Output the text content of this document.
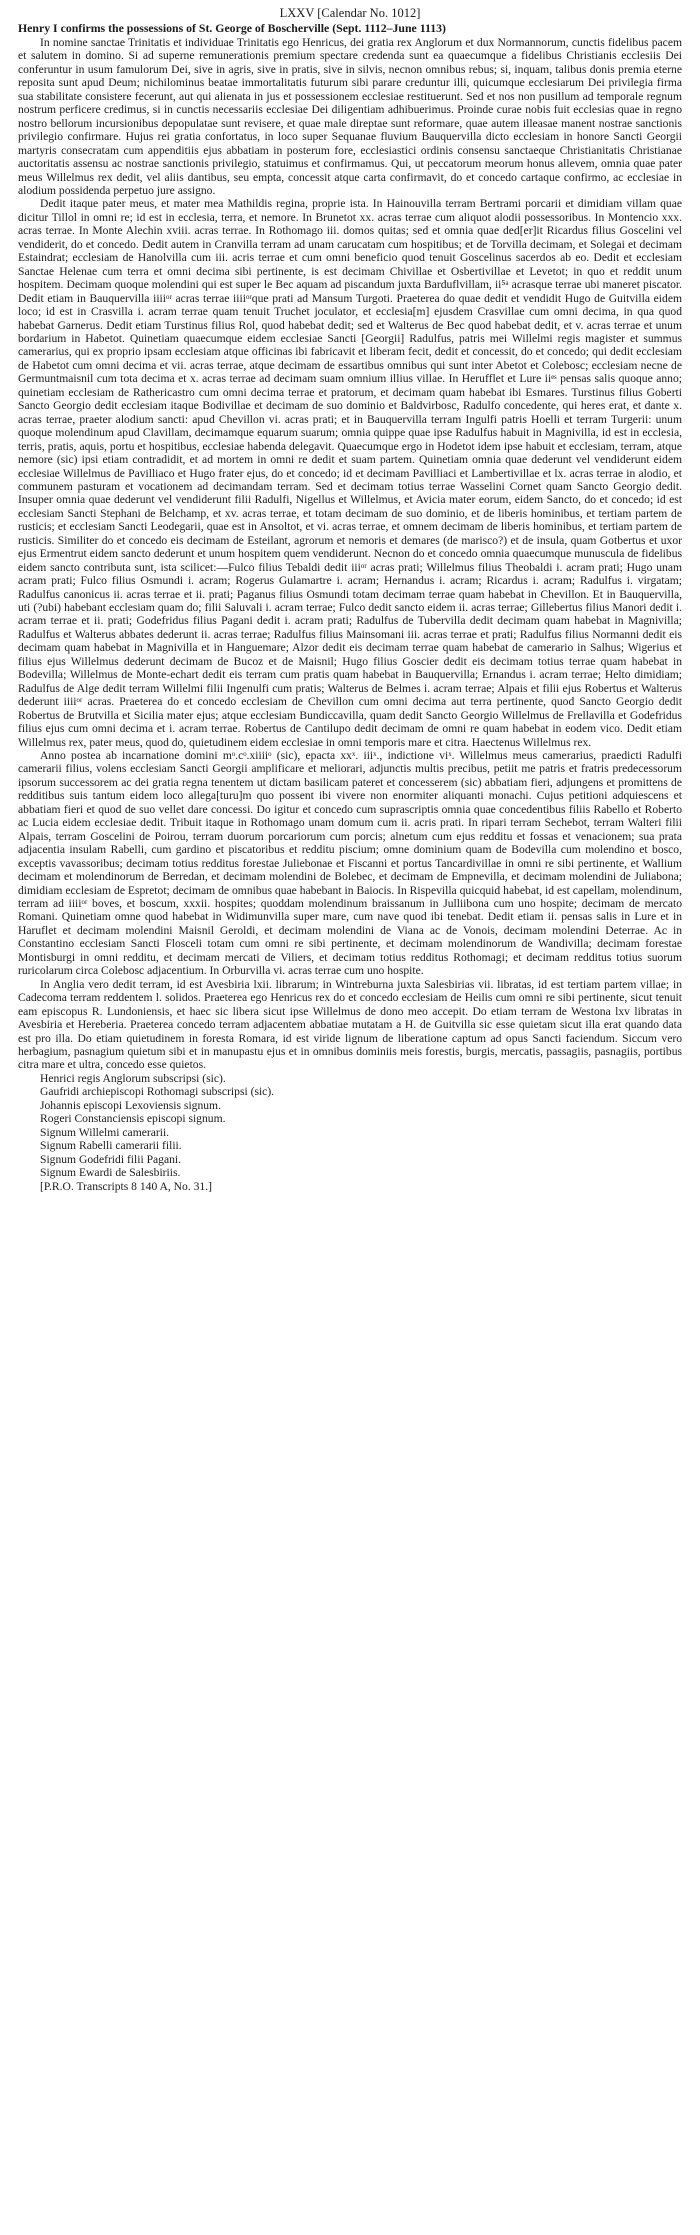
LXXV [Calendar No. 1012]
Henry I confirms the possessions of St. George of Boscherville (Sept. 1112–June 1113)

In nomine sanctae Trinitatis et individuae Trinitatis ego Henricus, dei gratia rex Anglorum et dux Normannorum, cunctis fidelibus pacem et salutem in domino. Si ad superne remunerationis premium spectare credenda sunt ea quaecumque a fidelibus Christianis ecclesiis Dei conferuntur in usum famulorum Dei, sive in agris, sive in pratis, sive in silvis, necnon omnibus rebus; si, inquam, talibus donis premia eterne reposita sunt apud Deum; nichilominus beatae immortalitatis futurum sibi parare creduntur illi, quicumque ecclesiarum Dei privilegia firma sua stabilitate consistere fecerunt, aut qui alienata in jus et possessionem ecclesiae restituerunt. Sed et nos non pusillum ad temporale regnum nostrum perficere credimus, si in cunctis necessariis ecclesiae Dei diligentiam adhibuerimus. Proinde curae nobis fuit ecclesias quae in regno nostro bellorum incursionibus depopulatae sunt revisere, et quae male direptae sunt reformare, quae autem illeasae manent nostrae sanctionis privilegio confirmare. Hujus rei gratia confortatus, in loco super Sequanae fluvium Bauquervilla dicto ecclesiam in honore Sancti Georgii martyris consecratam cum appenditiis ejus abbatiam in posterum fore, ecclesiastici ordinis consensu sanctaeque Christianitatis Christianae auctoritatis assensu ac nostrae sanctionis privilegio, statuimus et confirmamus. Qui, ut peccatorum meorum honus allevem, omnia quae pater meus Willelmus rex dedit, vel aliis dantibus, seu empta, concessit atque carta confirmavit, do et concedo cartaque confirmo, ac ecclesiae in alodium possidenda perpetuo jure assigno.

Dedit itaque pater meus, et mater mea Mathildis regina, proprie ista. In Hainouvilla terram Bertrami porcarii et dimidiam villam quae dicitur Tillol in omni re; id est in ecclesia, terra, et nemore. In Brunetot xx. acras terrae cum aliquot alodii possessoribus. In Montencio xxx. acras terrae. In Monte Alechin xviii. acras terrae. In Rothomago iii. domos quitas; sed et omnia quae ded[er]it Ricardus filius Goscelini vel vendiderit, do et concedo. Dedit autem in Cranvilla terram ad unam carucatam cum hospitibus; et de Torvilla decimam, et Solegai et decimam Estaindrat; ecclesiam de Hanolvilla cum iii. acris terrae et cum omni beneficio quod tenuit Goscelinus sacerdos ab eo. Dedit et ecclesiam Sanctae Helenae cum terra et omni decima sibi pertinente, is est decimam Chivillae et Osbertivillae et Levetot; in quo et reddit unum hospitem. Decimam quoque molendini qui est super le Bec aquam ad piscandum juxta Barduflvillam, ii⁵ᵃ acrasque terrae ubi maneret piscator. Dedit etiam in Bauquervilla iiiiᵒʳ acras terrae iiiiᵒʳque prati ad Mansum Turgoti. Praeterea do quae dedit et vendidit Hugo de Guitvilla eidem loco; id est in Crasvilla i. acram terrae quam tenuit Truchet joculator, et ecclesia[m] ejusdem Crasvillae cum omni decima, in qua quod habebat Garnerus. Dedit etiam Turstinus filius Rol, quod habebat dedit; sed et Walterus de Bec quod habebat dedit, et v. acras terrae et unum bordarium in Habetot. Quinetiam quaecumque eidem ecclesiae Sancti [Georgii] Radulfus, patris mei Willelmi regis magister et summus camerarius, qui ex proprio ipsam ecclesiam atque officinas ibi fabricavit et liberam fecit, dedit et concessit, do et concedo; qui dedit ecclesiam de Habetot cum omni decima et vii. acras terrae, atque decimam de essartibus omnibus qui sunt inter Abetot et Colebosc; ecclesiam necne de Germuntmaisnil cum tota decima et x. acras terrae ad decimam suam omnium illius villae. In Herufflet et Lure iiᵉˢ pensas salis quoque anno; quinetiam ecclesiam de Rathericastro cum omni decima terrae et pratorum, et decimam quam habebat ibi Esmares. Turstinus filius Goberti Sancto Georgio dedit ecclesiam itaque Bodivillae et decimam de suo dominio et Baldvirbosc, Radulfo concedente, qui heres erat, et dante x. acras terrae, praeter alodium sancti: apud Chevillon vi. acras prati; et in Bauquervilla terram Ingulfi patris Hoelli et terram Turgerii: unum quoque molendinum apud Clavillam, decimamque equarum suarum; omnia quippe quae ipse Radulfus habuit in Magnivilla, id est in ecclesia, terris, pratis, aquis, portu et hospitibus, ecclesiae habenda delegavit. Quaecumque ergo in Hodetot idem ipse habuit et ecclesiam, terram, atque nemore (sic) ipsi etiam contradidit, et ad mortem in omni re dedit et suam partem. Quinetiam omnia quae dederunt vel vendiderunt eidem ecclesiae Willelmus de Pavilliaco et Hugo frater ejus, do et concedo; id et decimam Pavilliaci et Lambertivillae et lx. acras terrae in alodio, et communem pasturam et vocationem ad decimandam terram. Sed et decimam totius terrae Wasselini Cornet quam Sancto Georgio dedit. Insuper omnia quae dederunt vel vendiderunt filii Radulfi, Nigellus et Willelmus, et Avicia mater eorum, eidem Sancto, do et concedo; id est ecclesiam Sancti Stephani de Belchamp, et xv. acras terrae, et totam decimam de suo dominio, et de liberis hominibus, et tertiam partem de rusticis; et ecclesiam Sancti Leodegarii, quae est in Ansoltot, et vi. acras terrae, et omnem decimam de liberis hominibus, et tertiam partem de rusticis. Similiter do et concedo eis decimam de Esteilant, agrorum et nemoris et demares (de marisco?) et de insula, quam Gotbertus et uxor ejus Ermentrut eidem sancto dederunt et unum hospitem quem vendiderunt. Necnon do et concedo omnia quaecumque munuscula de fidelibus eidem sancto contributa sunt, ista scilicet:—Fulco filius Tebaldi dedit iiiᵒʳ acras prati; Willelmus filius Theobaldi i. acram prati; Hugo unam acram prati; Fulco filius Osmundi i. acram; Rogerus Gulamartre i. acram; Hernandus i. acram; Ricardus i. acram; Radulfus i. virgatam; Radulfus canonicus ii. acras terrae et ii. prati; Paganus filius Osmundi totam decimam terrae quam habebat in Chevillon. Et in Bauquervilla, uti (?ubi) habebant ecclesiam quam do; filii Saluvali i. acram terrae; Fulco dedit sancto eidem ii. acras terrae; Gillebertus filius Manori dedit i. acram terrae et ii. prati; Godefridus filius Pagani dedit i. acram prati; Radulfus de Tubervilla dedit decimam quam habebat in Magnivilla; Radulfus et Walterus abbates dederunt ii. acras terrae; Radulfus filius Mainsomani iii. acras terrae et prati; Radulfus filius Normanni dedit eis decimam quam habebat in Magnivilla et in Hanguemare; Alzor dedit eis decimam terrae quam habebat de camerario in Salhus; Wigerius et filius ejus Willelmus dederunt decimam de Bucoz et de Maisnil; Hugo filius Goscier dedit eis decimam totius terrae quam habebat in Bodevilla; Willelmus de Monte-echart dedit eis terram cum pratis quam habebat in Bauquervilla; Ernandus i. acram terrae; Helto dimidiam; Radulfus de Alge dedit terram Willelmi filii Ingenulfi cum pratis; Walterus de Belmes i. acram terrae; Alpais et filii ejus Robertus et Walterus dederunt iiiiᵒʳ acras. Praeterea do et concedo ecclesiam de Chevillon cum omni decima aut terra pertinente, quod Sancto Georgio dedit Robertus de Brutvilla et Sicilia mater ejus; atque ecclesiam Bundiccavilla, quam dedit Sancto Georgio Willelmus de Frellavilla et Godefridus filius ejus cum omni decima et i. acram terrae. Robertus de Cantilupo dedit decimam de omni re quam habebat in eodem vico. Dedit etiam Willelmus rex, pater meus, quod do, quietudinem eidem ecclesiae in omni temporis mare et citra. Haectenus Willelmus rex.

Anno postea ab incarnatione domini mᵒ.cᵒ.xiiiiᵒ (sic), epacta xxˣ. iiiˣ., indictione viˣ. Willelmus meus camerarius, praedicti Radulfi camerarii filius, volens ecclesiam Sancti Georgii amplificare et meliorari, adjunctis multis precibus, petiit me patris et fratris predecessorum ipsorum successorem ac dei gratia regna tenentem ut dictam basilicam pateret et concesserem (sic) abbatiam fieri, adjungens et promittens de redditibus suis tantum eidem loco allega[turu]m quo possent ibi vivere non enormiter aliquanti monachi. Cujus petitioni adquiescens et abbatiam fieri et quod de suo vellet dare concessi. Do igitur et concedo cum suprascriptis omnia quae concedentibus filiis Rabello et Roberto ac Lucia eidem ecclesiae dedit. Tribuit itaque in Rothomago unam domum cum ii. acris prati. In ripari terram Sechebot, terram Walteri filii Alpais, terram Goscelini de Poirou, terram duorum porcariorum cum porcis; alnetum cum ejus redditu et fossas et venacionem; sua prata adjacentia insulam Rabelli, cum gardino et piscatoribus et redditu piscium; omne dominium quam de Bodevilla cum molendino et bosco, exceptis vavassoribus; decimam totius redditus forestae Juliebonae et Fiscanni et portus Tancardivillae in omni re sibi pertinente, et Wallium decimam et molendinorum de Berredan, et decimam molendini de Bolebec, et decimam de Empnevilla, et decimam molendini de Juliabona; dimidiam ecclesiam de Espretot; decimam de omnibus quae habebant in Baiocis. In Rispevilla quicquid habebat, id est capellam, molendinum, terram ad iiiiᵒʳ boves, et boscum, xxxii. hospites; quoddam molendinum braissanum in Julliibona cum uno hospite; decimam de mercato Romani. Quinetiam omne quod habebat in Widimunvilla super mare, cum nave quod ibi tenebat. Dedit etiam ii. pensas salis in Lure et in Haruflet et decimam molendini Maisnil Geroldi, et decimam molendini de Viana ac de Vonois, decimam molendini Deterrae. Ac in Constantino ecclesiam Sancti Flosceli totam cum omni re sibi pertinente, et decimam molendinorum de Wandivilla; decimam forestae Montisburgi in omni redditu, et decimam mercati de Viliers, et decimam totius redditus Rothomagi; et decimam redditus totius suorum ruricolarum circa Colebosc adjacentium. In Orburvilla vi. acras terrae cum uno hospite.

In Anglia vero dedit terram, id est Avesbiria lxii. librarum; in Wintreburna juxta Salesbirias vii. libratas, id est tertiam partem villae; in Cadecoma terram reddentem l. solidos. Praeterea ego Henricus rex do et concedo ecclesiam de Heilis cum omni re sibi pertinente, sicut tenuit eam episcopus R. Lundoniensis, et haec sic libera sicut ipse Willelmus de dono meo accepit. Do etiam terram de Westona lxv libratas in Avesbiria et Hereberia. Praeterea concedo terram adjacentem abbatiae mutatam a H. de Guitvilla sic esse quietam sicut illa erat quando data est pro illa. Do etiam quietudinem in foresta Romara, id est viride lignum de liberatione captum ad opus Sancti faciendum. Siccum vero herbagium, pasnagium quietum sibi et in manupastu ejus et in omnibus dominiis meis forestis, burgis, mercatis, passagiis, pasnagiis, portibus citra mare et ultra, concedo esse quietos.

Henrici regis Anglorum subscripsi (sic).
Gaufridi archiepiscopi Rothomagi subscripsi (sic).
Johannis episcopi Lexoviensis signum.
Rogeri Constanciensis episcopi signum.
Signum Willelmi camerarii.
Signum Rabelli camerarii filii.
Signum Godefridi filii Pagani.
Signum Ewardi de Salesbiriis.
[P.R.O. Transcripts 8 140 A, No. 31.]
